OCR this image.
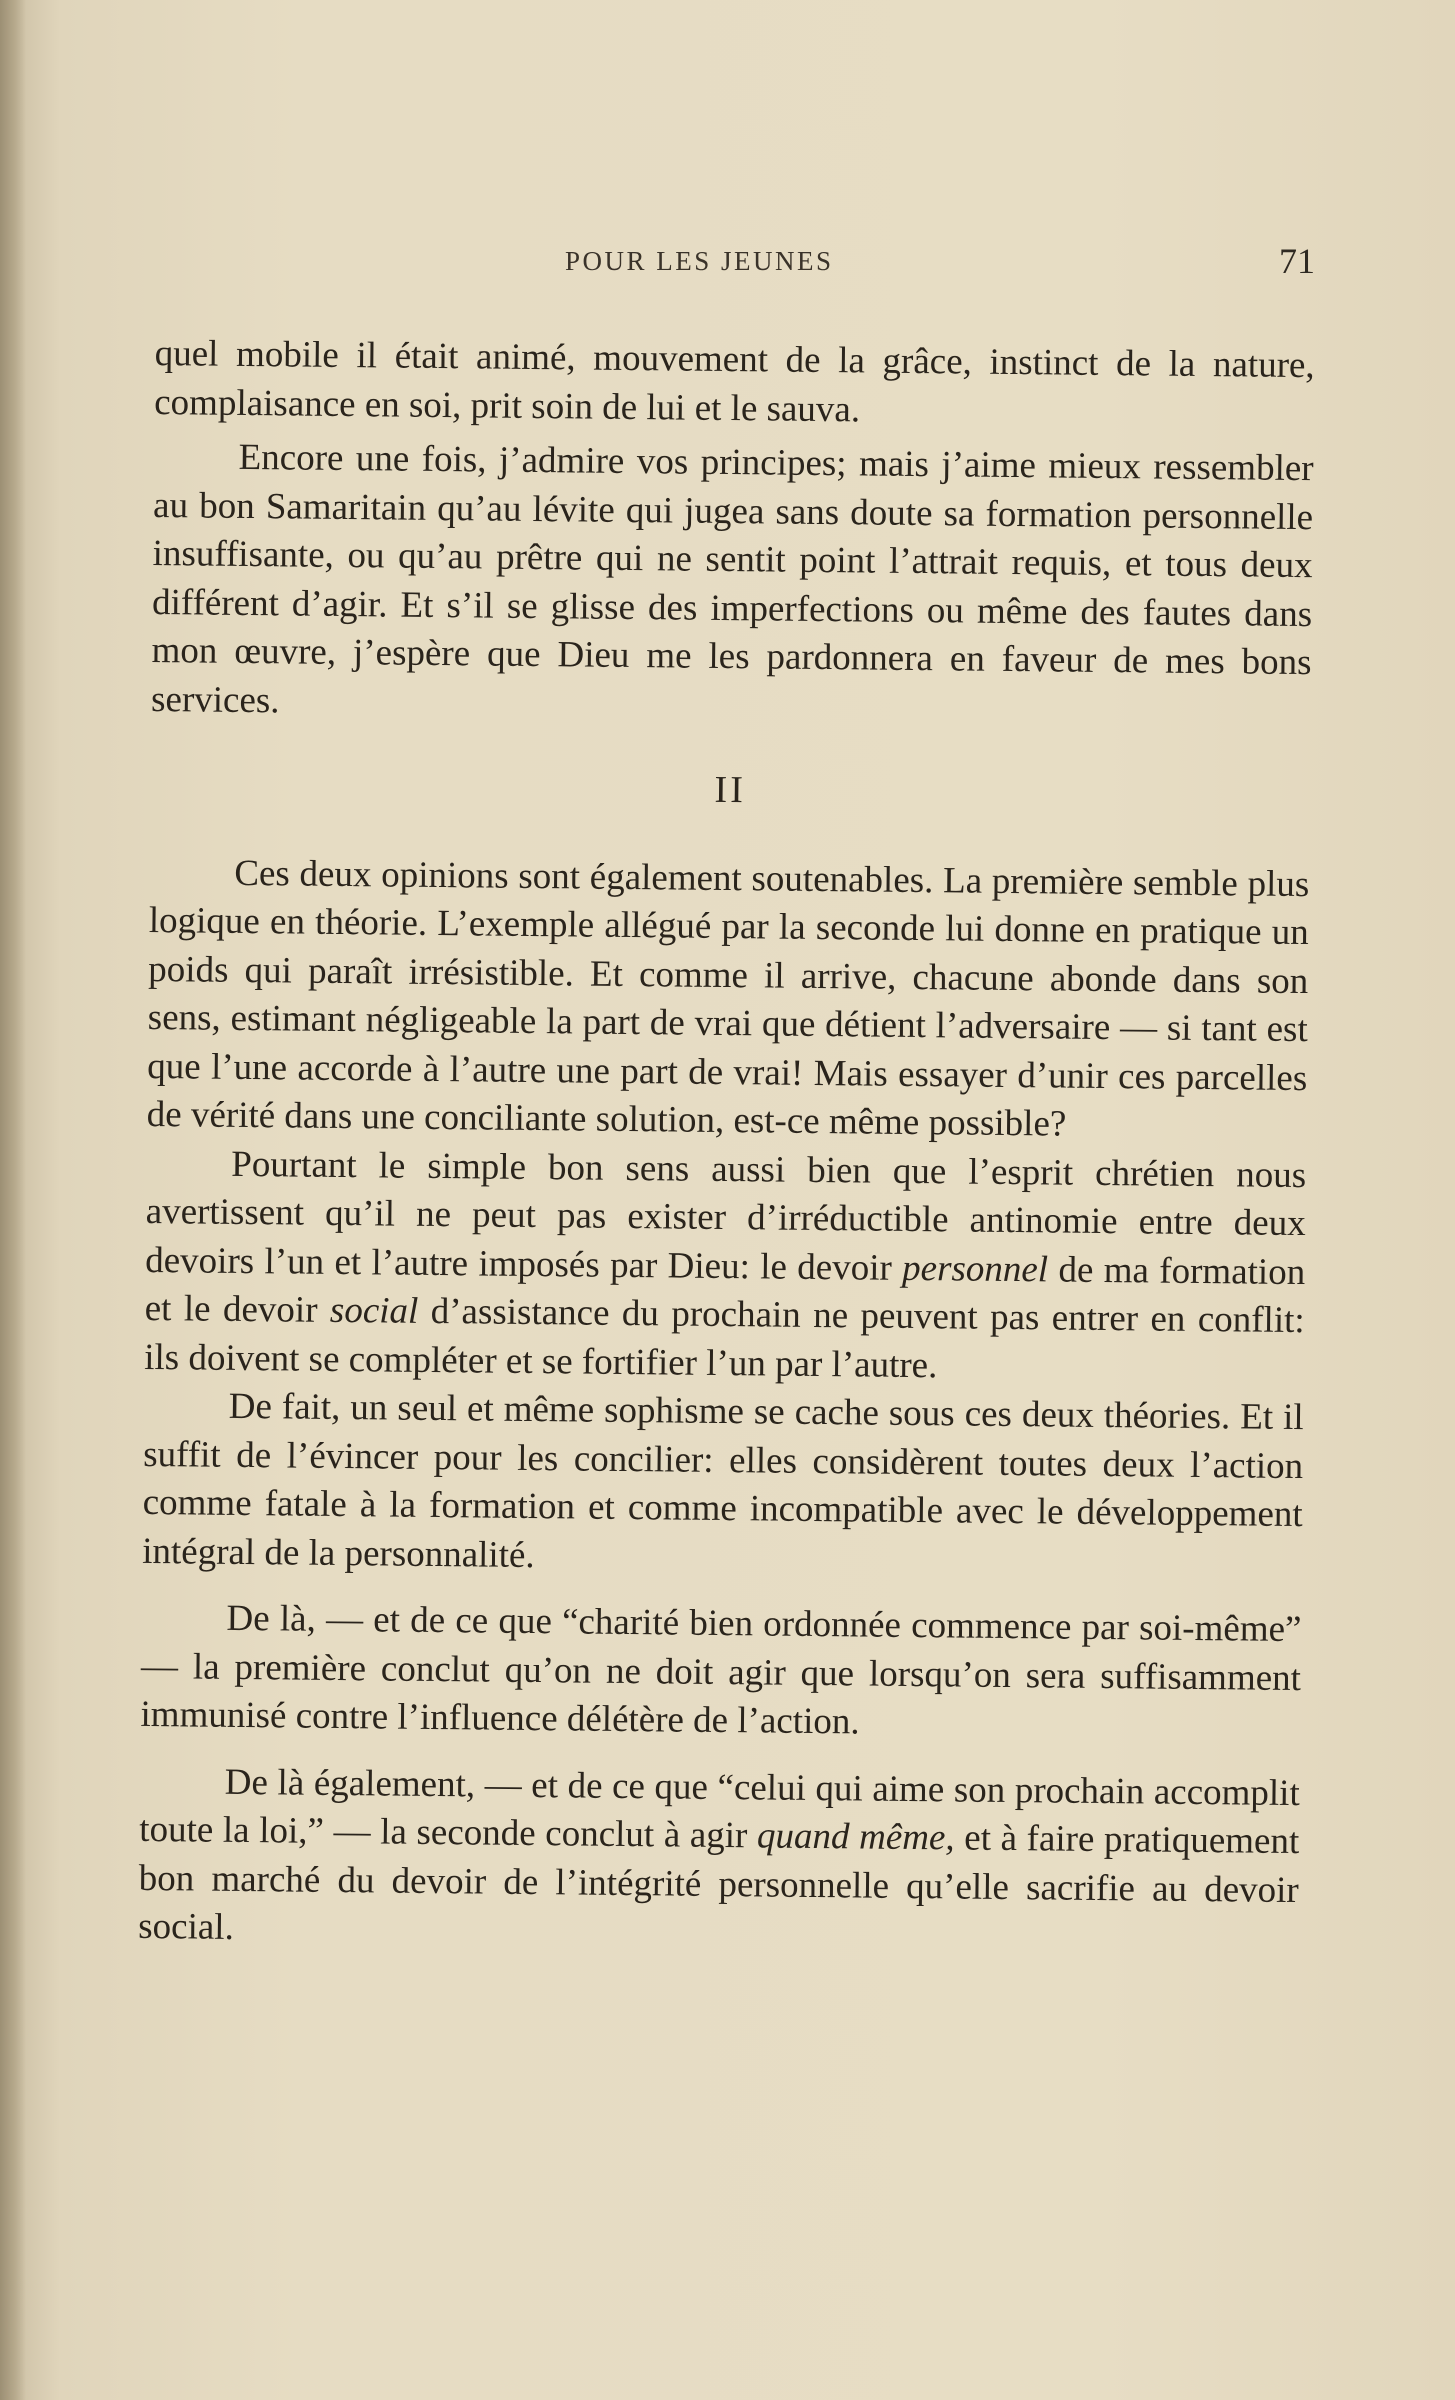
POUR LES JEUNES	71

quel mobile il était animé, mouvement de la grâce, instinct de la nature, complaisance en soi, prit soin de lui et le sauva.

Encore une fois, j’admire vos principes; mais j’aime mieux ressembler au bon Samaritain qu’au lévite qui jugea sans doute sa formation personnelle insuffisante, ou qu’au prêtre qui ne sentit point l’attrait requis, et tous deux différent d’agir. Et s’il se glisse des imperfections ou même des fautes dans mon œuvre, j’espère que Dieu me les pardonnera en faveur de mes bons services.

II

Ces deux opinions sont également soutenables. La première semble plus logique en théorie. L’exemple allégué par la seconde lui donne en pratique un poids qui paraît irrésistible. Et comme il arrive, chacune abonde dans son sens, estimant négligeable la part de vrai que détient l’adversaire — si tant est que l’une accorde à l’autre une part de vrai! Mais essayer d’unir ces parcelles de vérité dans une conciliante solution, est-ce même possible?

Pourtant le simple bon sens aussi bien que l’esprit chrétien nous avertissent qu’il ne peut pas exister d’irréductible antinomie entre deux devoirs l’un et l’autre imposés par Dieu: le devoir personnel de ma formation et le devoir social d’assistance du prochain ne peuvent pas entrer en conflit: ils doivent se compléter et se fortifier l’un par l’autre.

De fait, un seul et même sophisme se cache sous ces deux théories. Et il suffit de l’évincer pour les concilier: elles considèrent toutes deux l’action comme fatale à la formation et comme incompatible avec le développement intégral de la personnalité.

De là, — et de ce que “charité bien ordonnée commence par soi-même” — la première conclut qu’on ne doit agir que lorsqu’on sera suffisamment immunisé contre l’influence délétère de l’action.

De là également, — et de ce que “celui qui aime son prochain accomplit toute la loi,” — la seconde conclut à agir quand même, et à faire pratiquement bon marché du devoir de l’intégrité personnelle qu’elle sacrifie au devoir social.
